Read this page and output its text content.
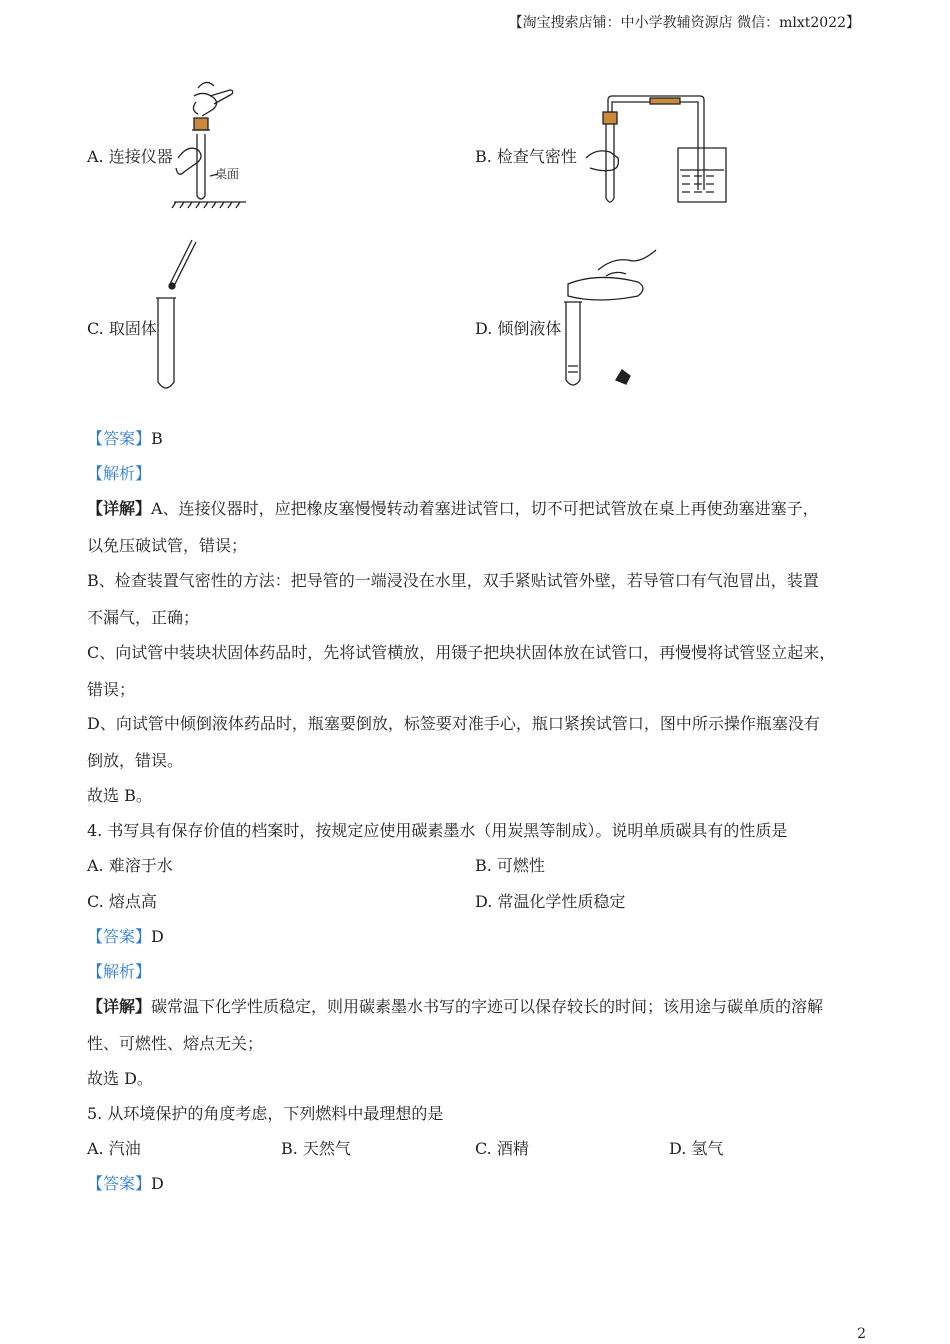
【淘宝搜索店铺：中小学教辅资源店 微信：mlxt2022】
A. 连接仪器
桌面
B. 检查气密性
C. 取固体	D. 倾倒液体
【答案】B
【解析】
【详解】A、连接仪器时，应把橡皮塞慢慢转动着塞进试管口，切不可把试管放在桌上再使劲塞进塞子，
以免压破试管，错误；
B、检查装置气密性的方法：把导管的一端浸没在水里，双手紧贴试管外壁，若导管口有气泡冒出，装置
不漏气，正确；
C、向试管中装块状固体药品时，先将试管横放，用镊子把块状固体放在试管口，再慢慢将试管竖立起来，
错误；
D、向试管中倾倒液体药品时，瓶塞要倒放，标签要对准手心，瓶口紧挨试管口，图中所示操作瓶塞没有
倒放，错误。
故选 B。
4. 书写具有保存价值的档案时，按规定应使用碳素墨水（用炭黑等制成）。说明单质碳具有的性质是
A. 难溶于水	B. 可燃性
C. 熔点高	D. 常温化学性质稳定
【答案】D
【解析】
【详解】碳常温下化学性质稳定，则用碳素墨水书写的字迹可以保存较长的时间；该用途与碳单质的溶解
性、可燃性、熔点无关；
故选 D。
5. 从环境保护的角度考虑，下列燃料中最理想的是
A. 汽油	B. 天然气	C. 酒精	D. 氢气
【答案】D
2
